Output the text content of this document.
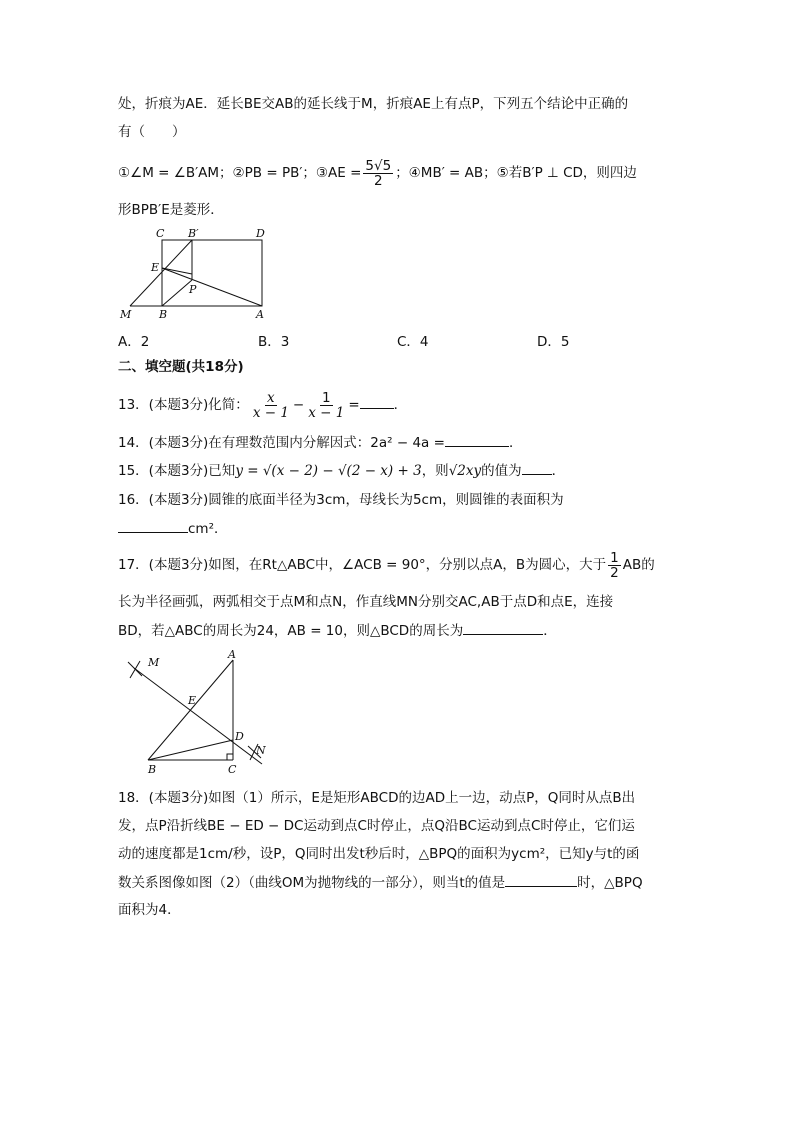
处，折痕为AE．延长BE交AB的延长线于M，折痕AE上有点P，下列五个结论中正确的
有（　　）
①∠M = ∠B′AM；②PB = PB′；③AE = $\frac{5√5}{2}$ ；④MB′ = AB；⑤若B′P ⊥ CD，则四边
形BPB′E是菱形．
C B′	D
E
P
M	B	A
A．2	B．3	C．4	D．5
二、填空题(共18分)
13．(本题3分)化简： $\frac{x}{x - 1} - \frac{1}{x - 1}$ =	．
14．(本题3分)在有理数范围内分解因式：2a² − 4a =	．
15．(本题3分)已知y = √(x − 2) − √(2 − x) + 3，则√2xy的值为 ．
16．(本题3分)圆锥的底面半径为3cm，母线长为5cm，则圆锥的表面积为
cm²．
17．(本题3分)如图，在Rt△ABC中，∠ACB = 90°，分别以点A，B为圆心，大于 $\frac{1}{2}$ AB的
长为半径画弧，两弧相交于点M和点N，作直线MN分别交AC,AB于点D和点E，连接
BD，若△ABC的周长为24，AB = 10，则△BCD的周长为	．
M
A
E
D
N
B	C
18．(本题3分)如图（1）所示，E是矩形ABCD的边AD上一边，动点P，Q同时从点B出
发，点P沿折线BE − ED − DC运动到点C时停止，点Q沿BC运动到点C时停止，它们运
动的速度都是1cm/秒，设P，Q同时出发t秒后时，△BPQ的面积为ycm²，已知y与t的函
数关系图像如图（2）（曲线OM为抛物线的一部分），则当t的值是	时，△BPQ
面积为4．
